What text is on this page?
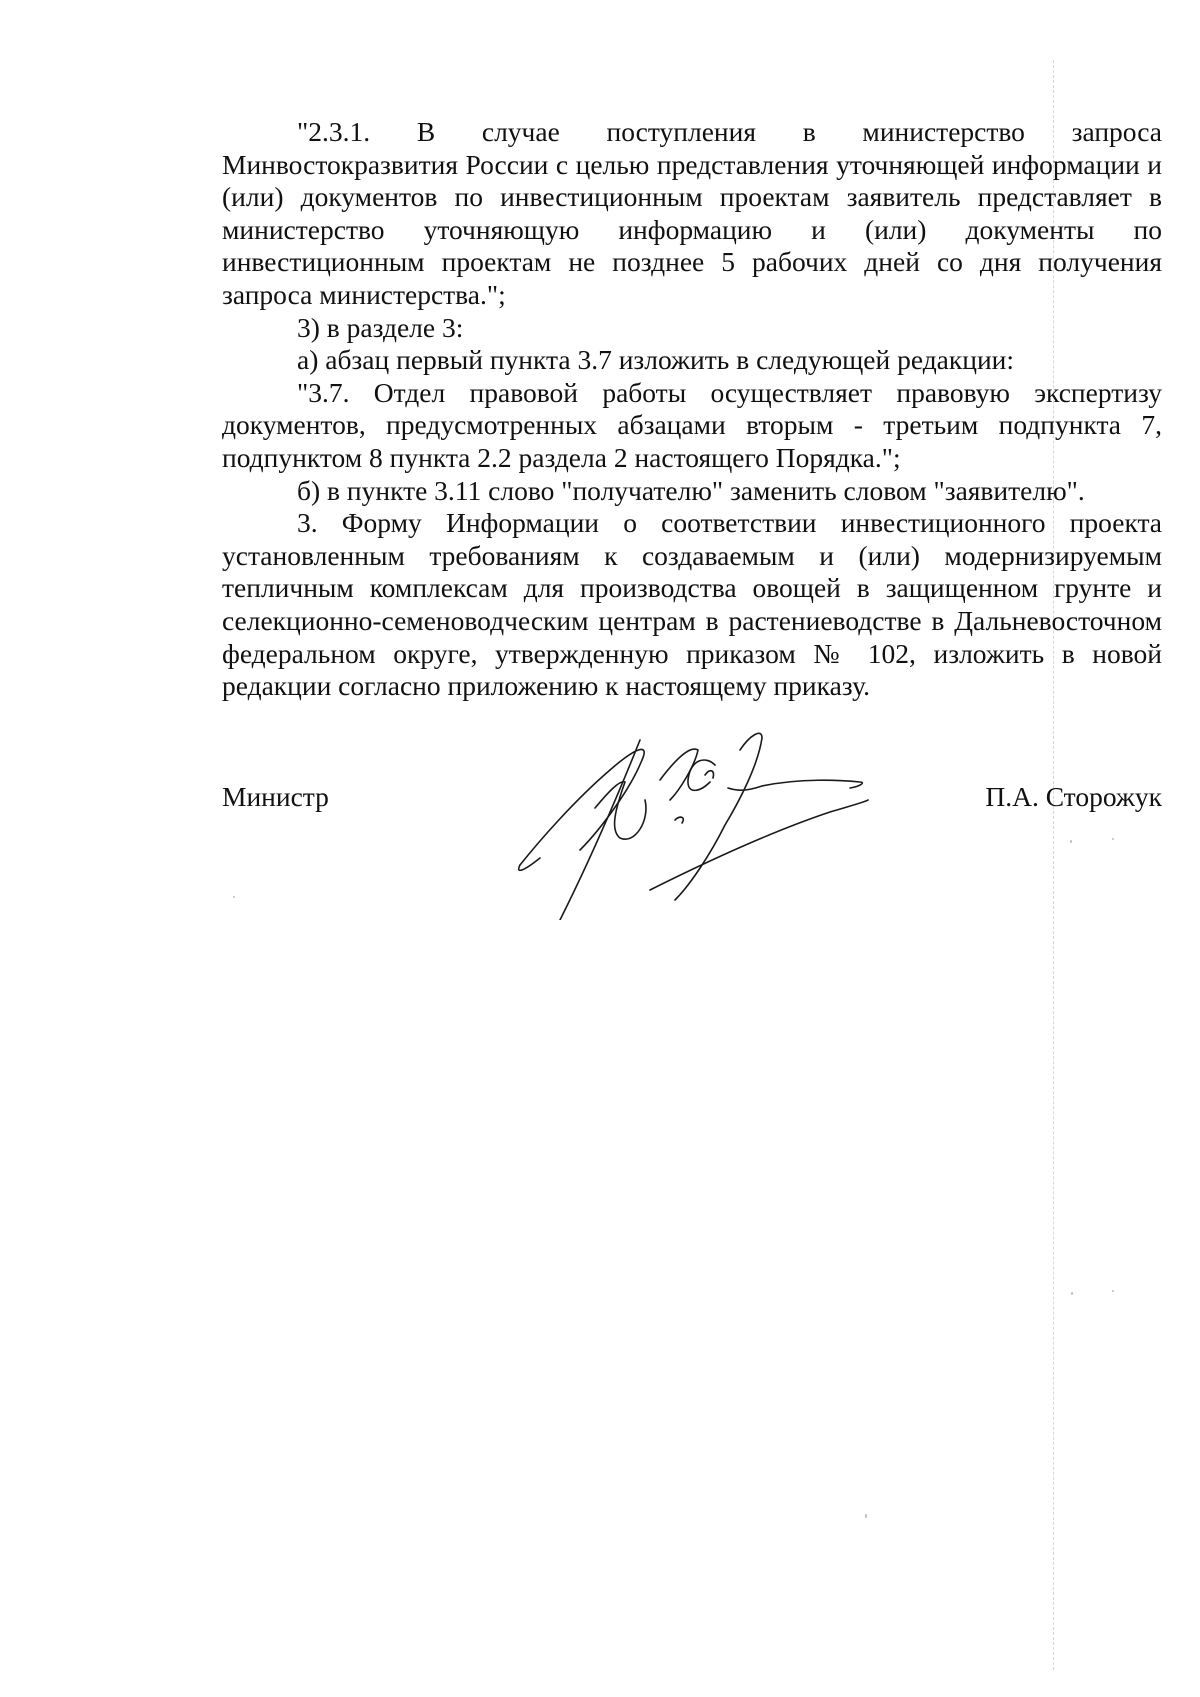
"2.3.1. В случае поступления в министерство запроса Минвостокразвития России с целью представления уточняющей информации и (или) документов по инвестиционным проектам заявитель представляет в министерство уточняющую информацию и (или) документы по инвестиционным проектам не позднее 5 рабочих дней со дня получения запроса министерства.";

3) в разделе 3:

а) абзац первый пункта 3.7 изложить в следующей редакции:

"3.7. Отдел правовой работы осуществляет правовую экспертизу документов, предусмотренных абзацами вторым - третьим подпункта 7, подпунктом 8 пункта 2.2 раздела 2 настоящего Порядка.";

б) в пункте 3.11 слово "получателю" заменить словом "заявителю".

3. Форму Информации о соответствии инвестиционного проекта установленным требованиям к создаваемым и (или) модернизируемым тепличным комплексам для производства овощей в защищенном грунте и селекционно-семеноводческим центрам в растениеводстве в Дальневосточном федеральном округе, утвержденную приказом № 102, изложить в новой редакции согласно приложению к настоящему приказу.

Министр	П.А. Сторожук
